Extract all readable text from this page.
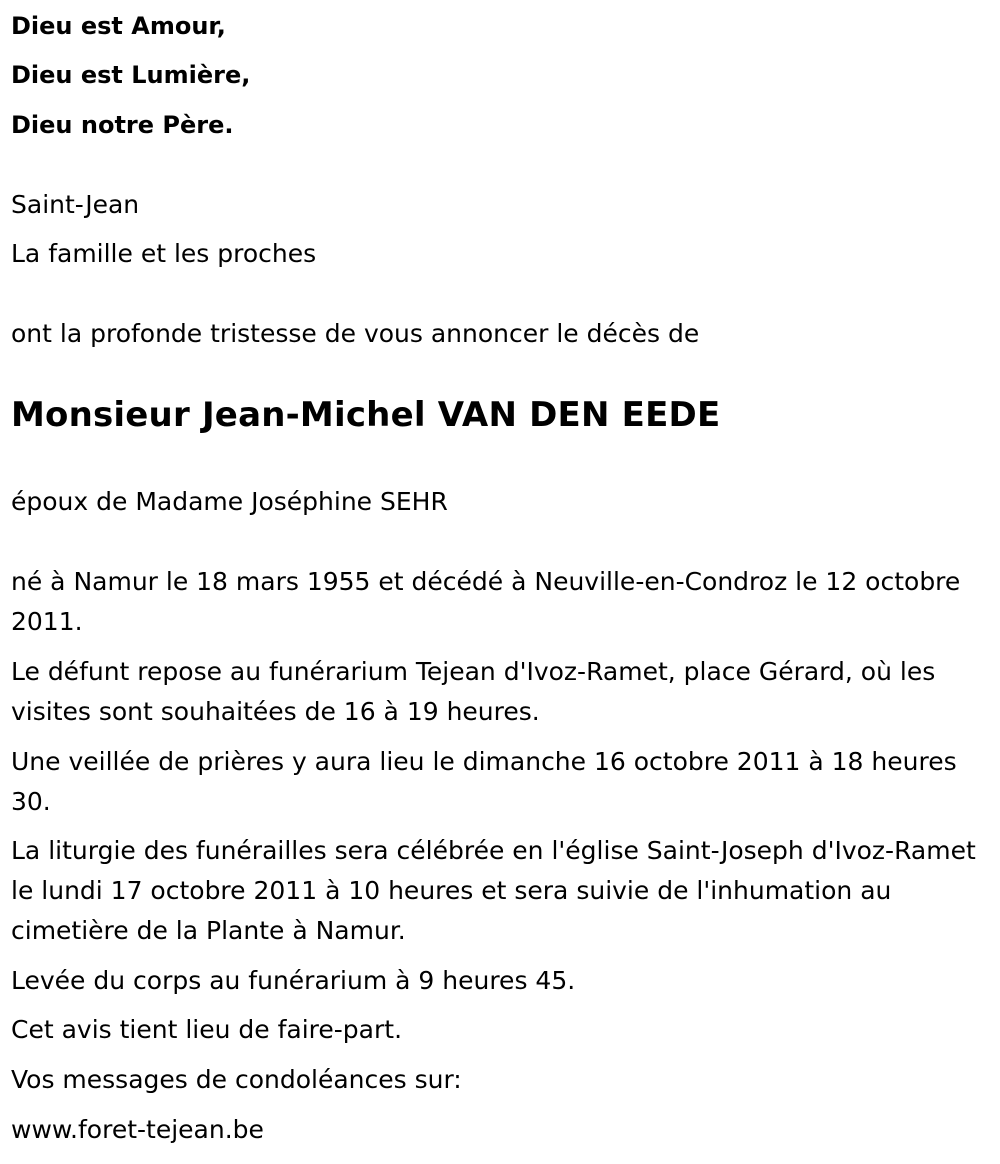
Dieu est Amour,
Dieu est Lumière,
Dieu notre Père.
Saint-Jean
La famille et les proches
ont la profonde tristesse de vous annoncer le décès de
Monsieur Jean-Michel VAN DEN EEDE
époux de Madame Joséphine SEHR
né à Namur le 18 mars 1955 et décédé à Neuville-en-Condroz le 12 octobre 2011.
Le défunt repose au funérarium Tejean d'Ivoz-Ramet, place Gérard, où les visites sont souhaitées de 16 à 19 heures.
Une veillée de prières y aura lieu le dimanche 16 octobre 2011 à 18 heures 30.
La liturgie des funérailles sera célébrée en l'église Saint-Joseph d'Ivoz-Ramet le lundi 17 octobre 2011 à 10 heures et sera suivie de l'inhumation au cimetière de la Plante à Namur.
Levée du corps au funérarium à 9 heures 45.
Cet avis tient lieu de faire-part.
Vos messages de condoléances sur:
www.foret-tejean.be
